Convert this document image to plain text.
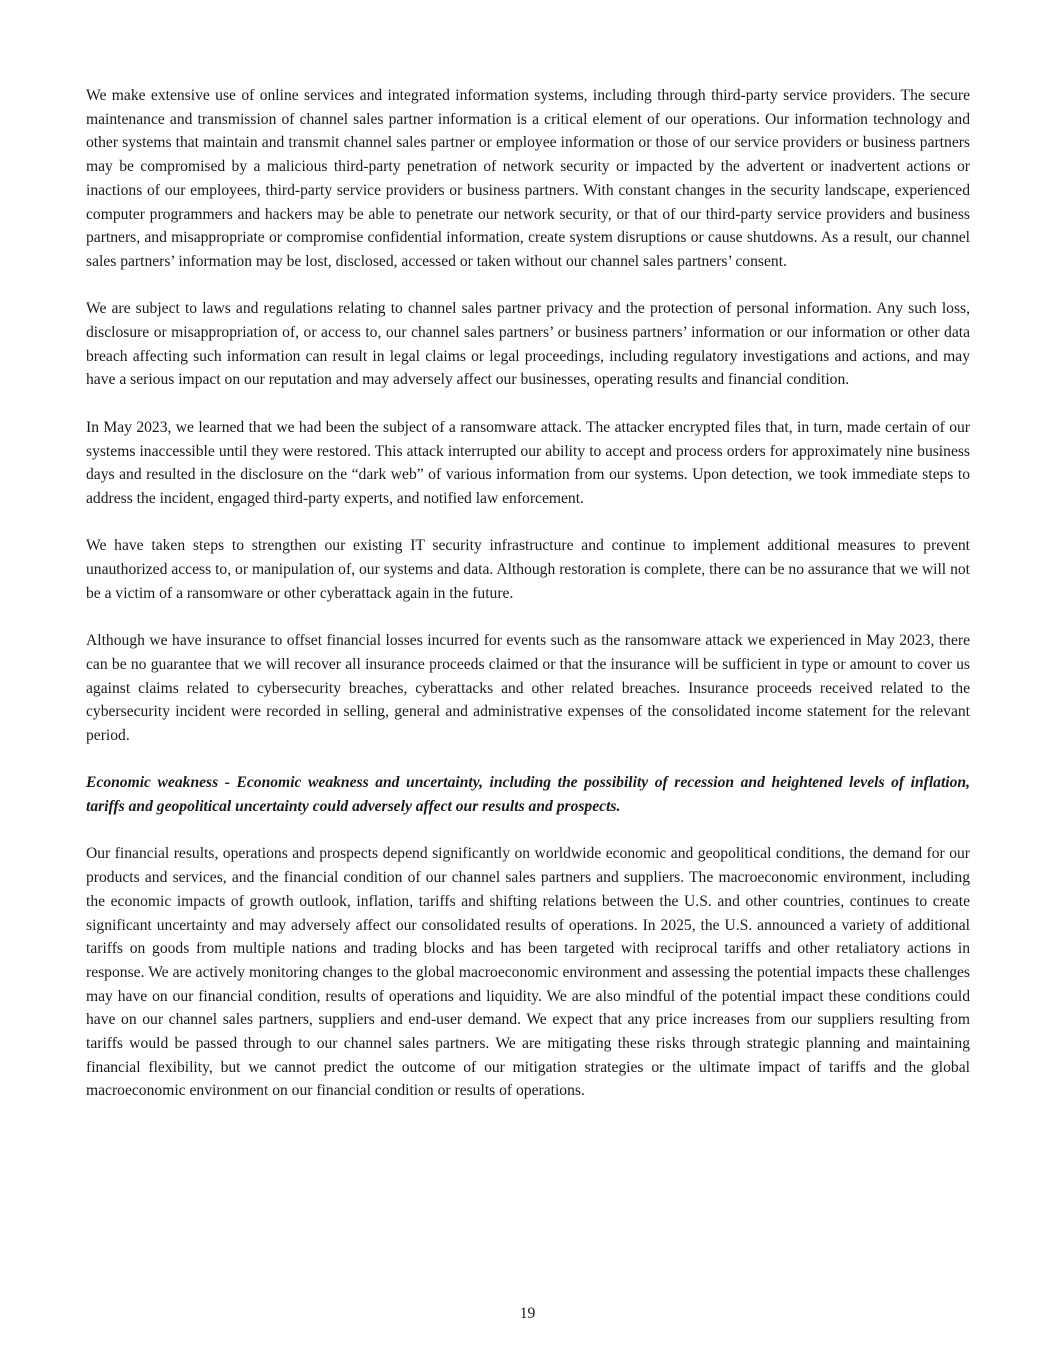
We make extensive use of online services and integrated information systems, including through third-party service providers. The secure maintenance and transmission of channel sales partner information is a critical element of our operations. Our information technology and other systems that maintain and transmit channel sales partner or employee information or those of our service providers or business partners may be compromised by a malicious third-party penetration of network security or impacted by the advertent or inadvertent actions or inactions of our employees, third-party service providers or business partners. With constant changes in the security landscape, experienced computer programmers and hackers may be able to penetrate our network security, or that of our third-party service providers and business partners, and misappropriate or compromise confidential information, create system disruptions or cause shutdowns. As a result, our channel sales partners’ information may be lost, disclosed, accessed or taken without our channel sales partners’ consent.

We are subject to laws and regulations relating to channel sales partner privacy and the protection of personal information. Any such loss, disclosure or misappropriation of, or access to, our channel sales partners’ or business partners’ information or our information or other data breach affecting such information can result in legal claims or legal proceedings, including regulatory investigations and actions, and may have a serious impact on our reputation and may adversely affect our businesses, operating results and financial condition.

In May 2023, we learned that we had been the subject of a ransomware attack. The attacker encrypted files that, in turn, made certain of our systems inaccessible until they were restored. This attack interrupted our ability to accept and process orders for approximately nine business days and resulted in the disclosure on the “dark web” of various information from our systems. Upon detection, we took immediate steps to address the incident, engaged third-party experts, and notified law enforcement.

We have taken steps to strengthen our existing IT security infrastructure and continue to implement additional measures to prevent unauthorized access to, or manipulation of, our systems and data. Although restoration is complete, there can be no assurance that we will not be a victim of a ransomware or other cyberattack again in the future.

Although we have insurance to offset financial losses incurred for events such as the ransomware attack we experienced in May 2023, there can be no guarantee that we will recover all insurance proceeds claimed or that the insurance will be sufficient in type or amount to cover us against claims related to cybersecurity breaches, cyberattacks and other related breaches. Insurance proceeds received related to the cybersecurity incident were recorded in selling, general and administrative expenses of the consolidated income statement for the relevant period.

Economic weakness - Economic weakness and uncertainty, including the possibility of recession and heightened levels of inflation, tariffs and geopolitical uncertainty could adversely affect our results and prospects.

Our financial results, operations and prospects depend significantly on worldwide economic and geopolitical conditions, the demand for our products and services, and the financial condition of our channel sales partners and suppliers. The macroeconomic environment, including the economic impacts of growth outlook, inflation, tariffs and shifting relations between the U.S. and other countries, continues to create significant uncertainty and may adversely affect our consolidated results of operations. In 2025, the U.S. announced a variety of additional tariffs on goods from multiple nations and trading blocks and has been targeted with reciprocal tariffs and other retaliatory actions in response. We are actively monitoring changes to the global macroeconomic environment and assessing the potential impacts these challenges may have on our financial condition, results of operations and liquidity. We are also mindful of the potential impact these conditions could have on our channel sales partners, suppliers and end-user demand. We expect that any price increases from our suppliers resulting from tariffs would be passed through to our channel sales partners. We are mitigating these risks through strategic planning and maintaining financial flexibility, but we cannot predict the outcome of our mitigation strategies or the ultimate impact of tariffs and the global macroeconomic environment on our financial condition or results of operations.

19
